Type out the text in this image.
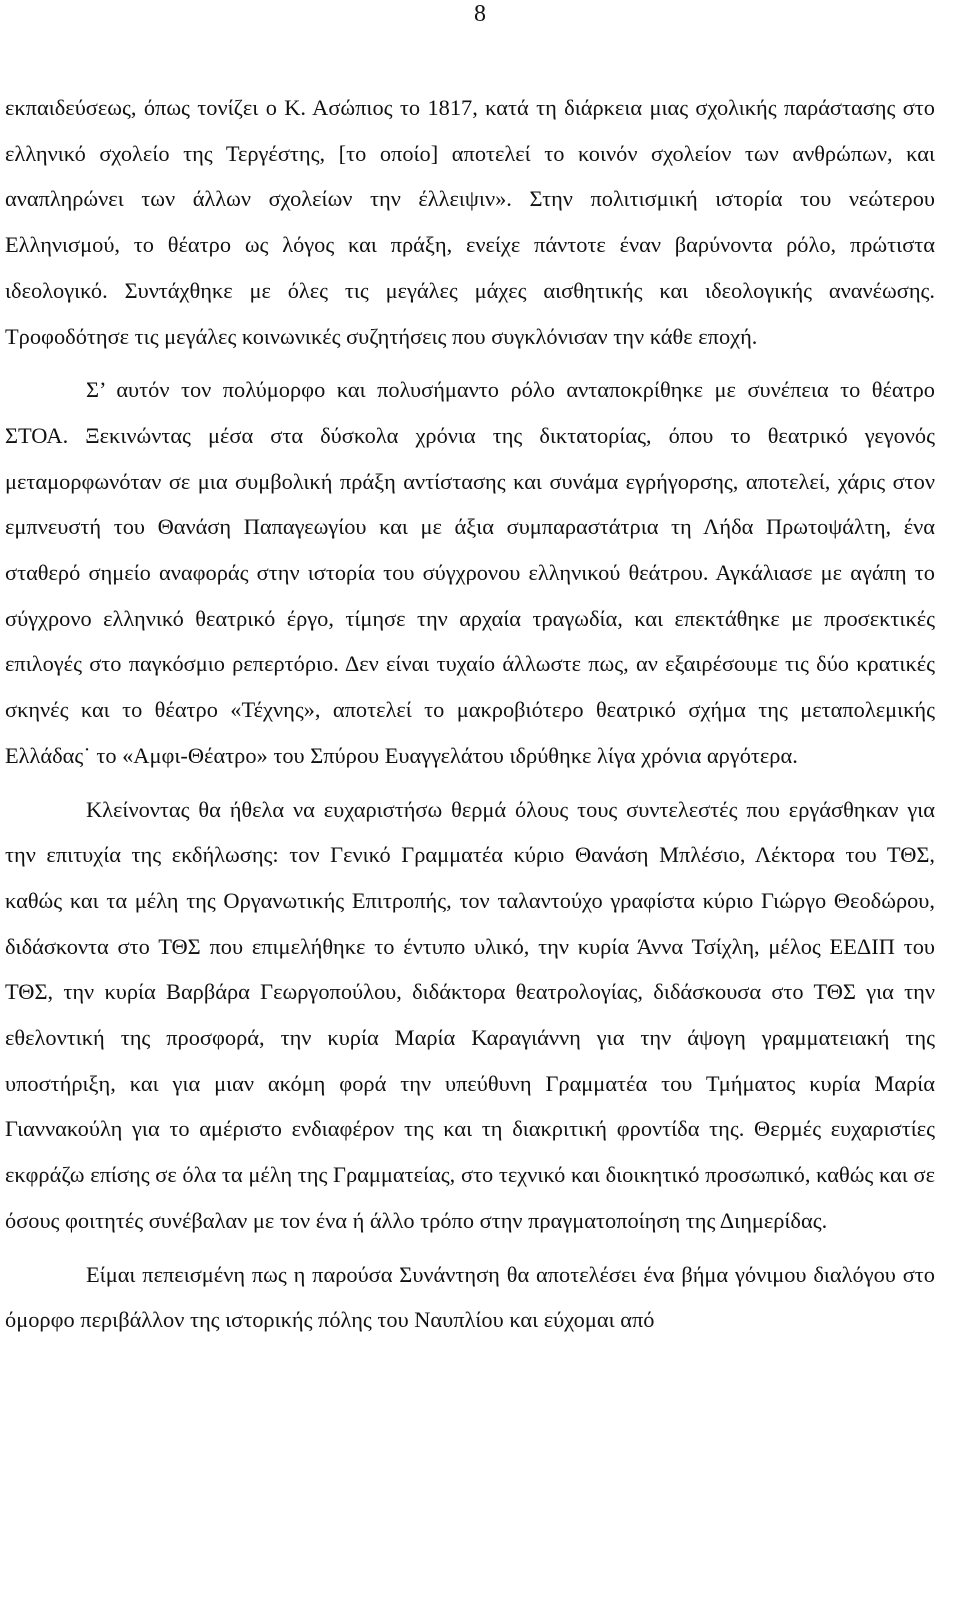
8

εκπαιδεύσεως, όπως τονίζει ο Κ. Ασώπιος το 1817, κατά τη διάρκεια μιας σχολικής παράστασης στο ελληνικό σχολείο της Τεργέστης, [το οποίο] αποτελεί το κοινόν σχολείον των ανθρώπων, και αναπληρώνει των άλλων σχολείων την έλλειψιν». Στην πολιτισμική ιστορία του νεώτερου Ελληνισμού, το θέατρο ως λόγος και πράξη, ενείχε πάντοτε έναν βαρύνοντα ρόλο, πρώτιστα ιδεολογικό. Συντάχθηκε με όλες τις μεγάλες μάχες αισθητικής και ιδεολογικής ανανέωσης. Τροφοδότησε τις μεγάλες κοινωνικές συζητήσεις που συγκλόνισαν την κάθε εποχή.

Σ’ αυτόν τον πολύμορφο και πολυσήμαντο ρόλο ανταποκρίθηκε με συνέπεια το θέατρο ΣΤΟΑ. Ξεκινώντας μέσα στα δύσκολα χρόνια της δικτατορίας, όπου το θεατρικό γεγονός μεταμορφωνόταν σε μια συμβολική πράξη αντίστασης και συνάμα εγρήγορσης, αποτελεί, χάρις στον εμπνευστή του Θανάση Παπαγεωγίου και με άξια συμπαραστάτρια τη Λήδα Πρωτοψάλτη, ένα σταθερό σημείο αναφοράς στην ιστορία του σύγχρονου ελληνικού θεάτρου. Αγκάλιασε με αγάπη το σύγχρονο ελληνικό θεατρικό έργο, τίμησε την αρχαία τραγωδία, και επεκτάθηκε με προσεκτικές επιλογές στο παγκόσμιο ρεπερτόριο. Δεν είναι τυχαίο άλλωστε πως, αν εξαιρέσουμε τις δύο κρατικές σκηνές και το θέατρο «Τέχνης», αποτελεί το μακροβιότερο θεατρικό σχήμα της μεταπολεμικής Ελλάδας˙ το «Αμφι-Θέατρο» του Σπύρου Ευαγγελάτου ιδρύθηκε λίγα χρόνια αργότερα.

Κλείνοντας θα ήθελα να ευχαριστήσω θερμά όλους τους συντελεστές που εργάσθηκαν για την επιτυχία της εκδήλωσης: τον Γενικό Γραμματέα κύριο Θανάση Μπλέσιο, Λέκτορα του ΤΘΣ, καθώς και τα μέλη της Οργανωτικής Επιτροπής, τον ταλαντούχο γραφίστα κύριο Γιώργο Θεοδώρου, διδάσκοντα στο ΤΘΣ που επιμελήθηκε το έντυπο υλικό, την κυρία Άννα Τσίχλη, μέλος ΕΕΔΙΠ του ΤΘΣ, την κυρία Βαρβάρα Γεωργοπούλου, διδάκτορα θεατρολογίας, διδάσκουσα στο ΤΘΣ για την εθελοντική της προσφορά, την κυρία Μαρία Καραγιάννη για την άψογη γραμματειακή της υποστήριξη, και για μιαν ακόμη φορά την υπεύθυνη Γραμματέα του Τμήματος κυρία Μαρία Γιαννακούλη για το αμέριστο ενδιαφέρον της και τη διακριτική φροντίδα της. Θερμές ευχαριστίες εκφράζω επίσης σε όλα τα μέλη της Γραμματείας, στο τεχνικό και διοικητικό προσωπικό, καθώς και σε όσους φοιτητές συνέβαλαν με τον ένα ή άλλο τρόπο στην πραγματοποίηση της Διημερίδας.

Είμαι πεπεισμένη πως η παρούσα Συνάντηση θα αποτελέσει ένα βήμα γόνιμου διαλόγου στο όμορφο περιβάλλον της ιστορικής πόλης του Ναυπλίου και εύχομαι από
